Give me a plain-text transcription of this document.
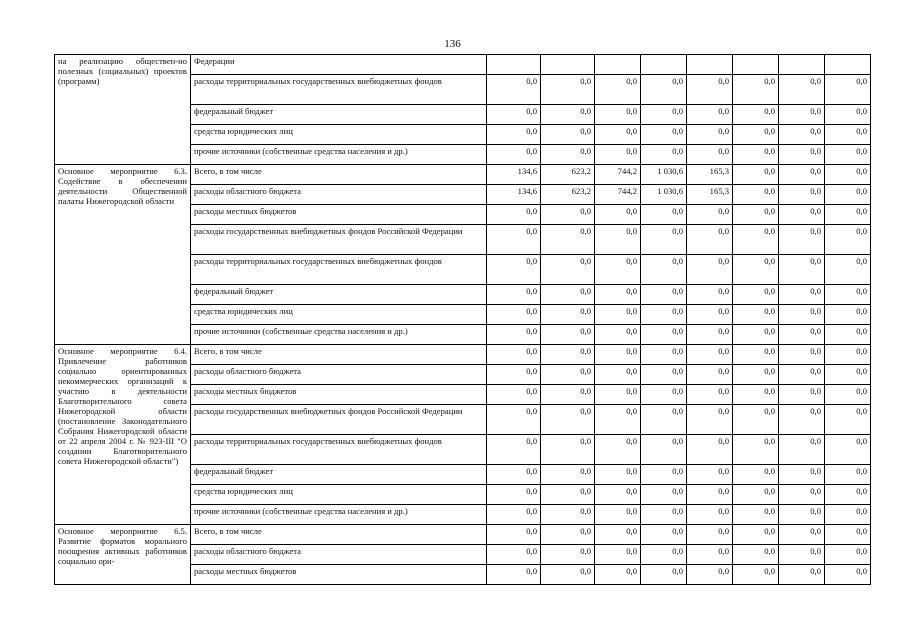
136
на реализацию обществен-но полезных (социальных) проектов (программ)	Федерации								
	расходы территориальных государственных внебюджетных фондов	0,0	0,0	0,0	0,0	0,0	0,0	0,0	0,0
	федеральный бюджет	0,0	0,0	0,0	0,0	0,0	0,0	0,0	0,0
	средства юридических лиц	0,0	0,0	0,0	0,0	0,0	0,0	0,0	0,0
	прочие источники (собственные средства населения и др.)	0,0	0,0	0,0	0,0	0,0	0,0	0,0	0,0
Основное мероприятие 6.3. Содействие в обеспечении деятельности Общественной палаты Нижегородской области	Всего, в том числе	134,6	623,2	744,2	1 030,6	165,3	0,0	0,0	0,0
	расходы областного бюджета	134,6	623,2	744,2	1 030,6	165,3	0,0	0,0	0,0
	расходы местных бюджетов	0,0	0,0	0,0	0,0	0,0	0,0	0,0	0,0
	расходы государственных внебюджетных фондов Российской Федерации	0,0	0,0	0,0	0,0	0,0	0,0	0,0	0,0
	расходы территориальных государственных внебюджетных фондов	0,0	0,0	0,0	0,0	0,0	0,0	0,0	0,0
	федеральный бюджет	0,0	0,0	0,0	0,0	0,0	0,0	0,0	0,0
	средства юридических лиц	0,0	0,0	0,0	0,0	0,0	0,0	0,0	0,0
	прочие источники (собственные средства населения и др.)	0,0	0,0	0,0	0,0	0,0	0,0	0,0	0,0
Основное мероприятие 6.4. Привлечение работников социально ориентированных некоммерческих организаций к участию в деятельности Благотворительного совета Нижегородской области (постановление Законодательного Собрания Нижегородской области от 22 апреля 2004 г. № 923-III "О создании Благотворительного совета Нижегородской области")	Всего, в том числе	0,0	0,0	0,0	0,0	0,0	0,0	0,0	0,0
	расходы областного бюджета	0,0	0,0	0,0	0,0	0,0	0,0	0,0	0,0
	расходы местных бюджетов	0,0	0,0	0,0	0,0	0,0	0,0	0,0	0,0
	расходы государственных внебюджетных фондов Российской Федерации	0,0	0,0	0,0	0,0	0,0	0,0	0,0	0,0
	расходы территориальных государственных внебюджетных фондов	0,0	0,0	0,0	0,0	0,0	0,0	0,0	0,0
	федеральный бюджет	0,0	0,0	0,0	0,0	0,0	0,0	0,0	0,0
	средства юридических лиц	0,0	0,0	0,0	0,0	0,0	0,0	0,0	0,0
	прочие источники (собственные средства населения и др.)	0,0	0,0	0,0	0,0	0,0	0,0	0,0	0,0
Основное мероприятие 6.5. Развитие форматов морального поощрения активных работников социально ори-	Всего, в том числе	0,0	0,0	0,0	0,0	0,0	0,0	0,0	0,0
	расходы областного бюджета	0,0	0,0	0,0	0,0	0,0	0,0	0,0	0,0
	расходы местных бюджетов	0,0	0,0	0,0	0,0	0,0	0,0	0,0	0,0
